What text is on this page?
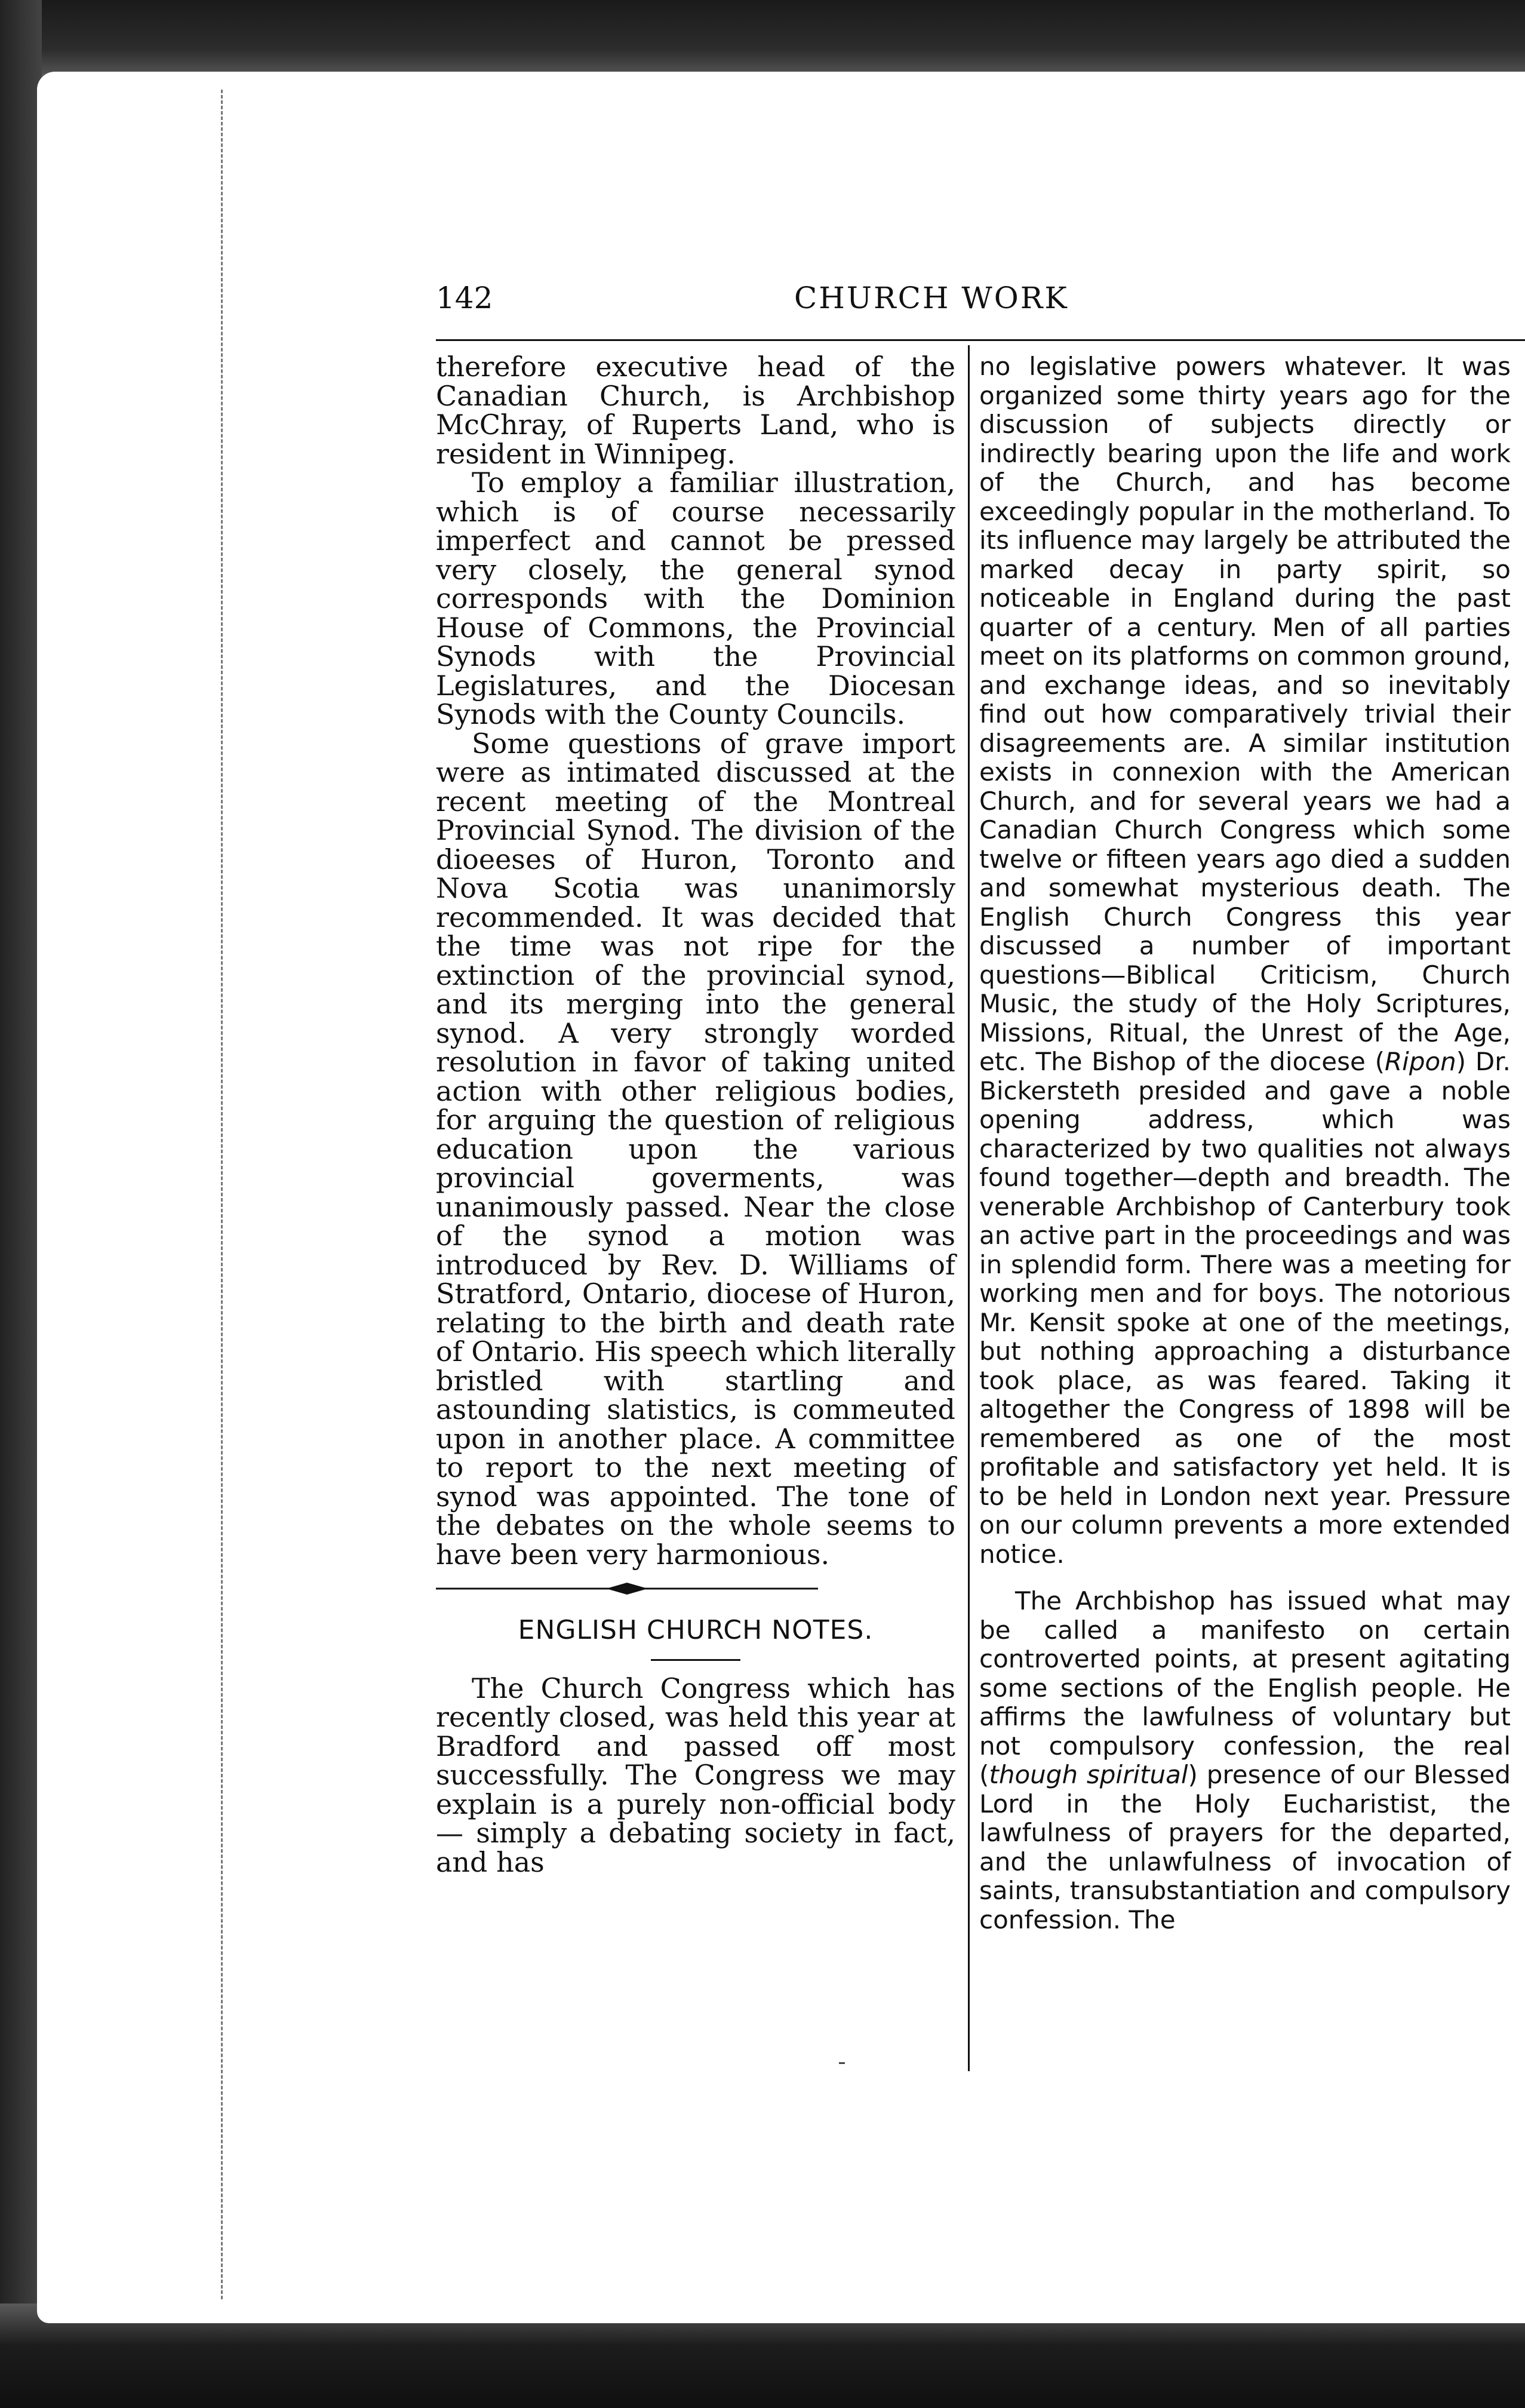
142	CHURCH WORK

therefore executive head of the Canadian Church, is Archbishop McChray, of Ruperts Land, who is resident in Winnipeg.

To employ a familiar illustration, which is of course necessarily imperfect and cannot be pressed very closely, the general synod corresponds with the Dominion House of Commons, the Provincial Synods with the Provincial Legislatures, and the Diocesan Synods with the County Councils.

Some questions of grave import were as intimated discussed at the recent meeting of the Montreal Provincial Synod. The division of the dioeeses of Huron, Toronto and Nova Scotia was unanimorsly recommended. It was decided that the time was not ripe for the extinction of the provincial synod, and its merging into the general synod. A very strongly worded resolution in favor of taking united action with other religious bodies, for arguing the question of religious education upon the various provincial goverments, was unanimously passed. Near the close of the synod a motion was introduced by Rev. D. Williams of Stratford, Ontario, diocese of Huron, relating to the birth and death rate of Ontario. His speech which literally bristled with startling and astounding slatistics, is commeuted upon in another place. A committee to report to the next meeting of synod was appointed. The tone of the debates on the whole seems to have been very harmonious.

ENGLISH CHURCH NOTES.

The Church Congress which has recently closed, was held this year at Bradford and passed off most successfully. The Congress we may explain is a purely non-official body — simply a debating society in fact, and has

no legislative powers whatever. It was organized some thirty years ago for the discussion of subjects directly or indirectly bearing upon the life and work of the Church, and has become exceedingly popular in the motherland. To its influence may largely be attributed the marked decay in party spirit, so noticeable in England during the past quarter of a century. Men of all parties meet on its platforms on common ground, and exchange ideas, and so inevitably find out how comparatively trivial their disagreements are. A similar institution exists in connexion with the American Church, and for several years we had a Canadian Church Congress which some twelve or fifteen years ago died a sudden and somewhat mysterious death. The English Church Congress this year discussed a number of important questions—Biblical Criticism, Church Music, the study of the Holy Scriptures, Missions, Ritual, the Unrest of the Age, etc. The Bishop of the diocese (Ripon) Dr. Bickersteth presided and gave a noble opening address, which was characterized by two qualities not always found together—depth and breadth. The venerable Archbishop of Canterbury took an active part in the proceedings and was in splendid form. There was a meeting for working men and for boys. The notorious Mr. Kensit spoke at one of the meetings, but nothing approaching a disturbance took place, as was feared. Taking it altogether the Congress of 1898 will be remembered as one of the most profitable and satisfactory yet held. It is to be held in London next year. Pressure on our column prevents a more extended notice.

The Archbishop has issued what may be called a manifesto on certain controverted points, at present agitating some sections of the English people. He affirms the lawfulness of voluntary but not compulsory confession, the real (though spiritual) presence of our Blessed Lord in the Holy Eucharistist, the lawfulness of prayers for the departed, and the unlawfulness of invocation of saints, transubstantiation and compulsory confession. The
